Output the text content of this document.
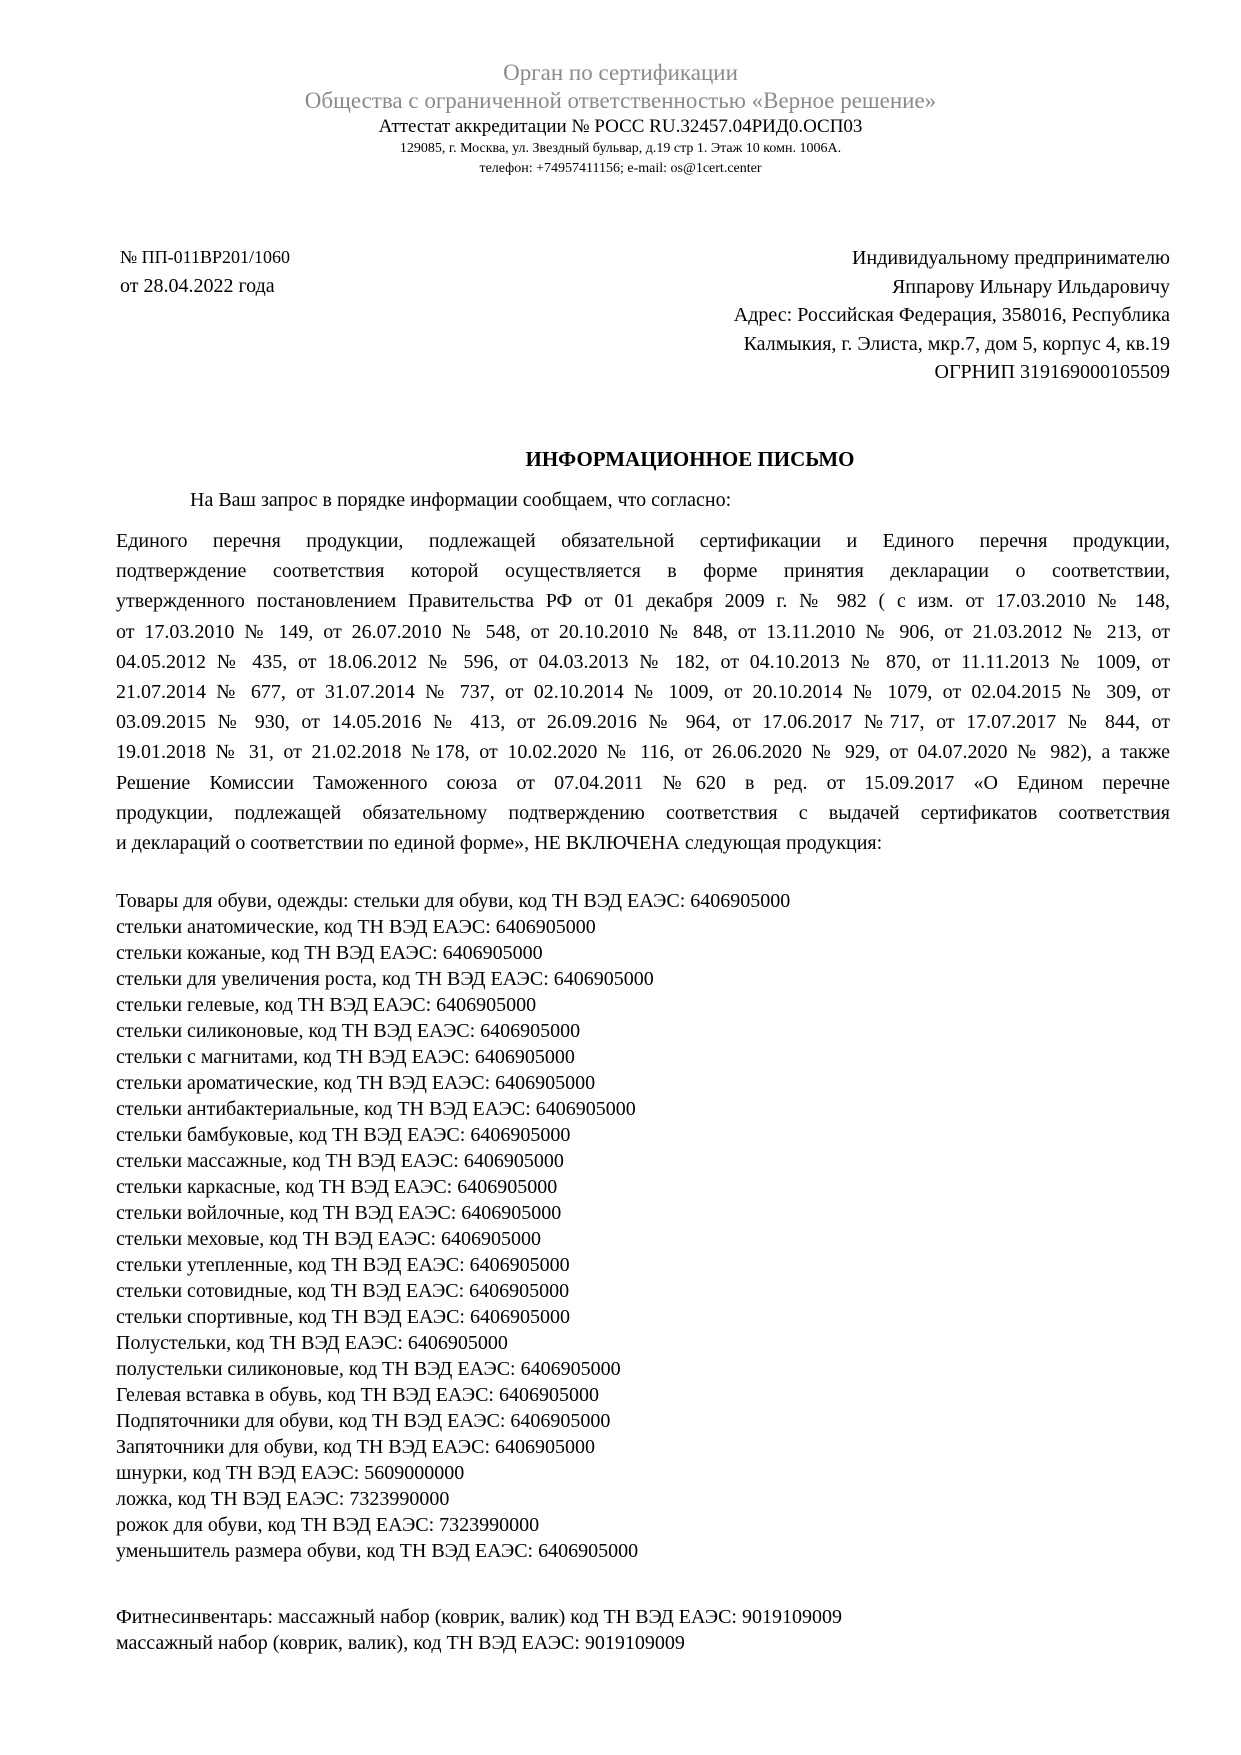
Орган по сертификации
Общества с ограниченной ответственностью «Верное решение»
Аттестат аккредитации № РОСС RU.32457.04РИД0.ОСП03
129085, г. Москва, ул. Звездный бульвар, д.19 стр 1. Этаж 10 комн. 1006А.
телефон: +74957411156; e-mail: os@1cert.center
№ ПП-011ВР201/1060
от 28.04.2022 года
Индивидуальному предпринимателю
Яппарову Ильнару Ильдаровичу
Адрес: Российская Федерация, 358016, Республика
Калмыкия, г. Элиста, мкр.7, дом 5, корпус 4, кв.19
ОГРНИП 319169000105509
ИНФОРМАЦИОННОЕ ПИСЬМО
На Ваш запрос в порядке информации сообщаем, что согласно:
Единого перечня продукции, подлежащей обязательной сертификации и Единого перечня продукции,
подтверждение соответствия которой осуществляется в форме принятия декларации о соответствии,
утвержденного постановлением Правительства РФ от 01 декабря 2009 г. № 982 ( с изм. от 17.03.2010 № 148,
от 17.03.2010 № 149, от 26.07.2010 № 548, от 20.10.2010 № 848, от 13.11.2010 № 906, от 21.03.2012 № 213, от
04.05.2012 № 435, от 18.06.2012 № 596, от 04.03.2013 № 182, от 04.10.2013 № 870, от 11.11.2013 № 1009, от
21.07.2014 № 677, от 31.07.2014 № 737, от 02.10.2014 № 1009, от 20.10.2014 № 1079, от 02.04.2015 № 309, от
03.09.2015 № 930, от 14.05.2016 № 413, от 26.09.2016 № 964, от 17.06.2017 №717, от 17.07.2017 № 844, от
19.01.2018 № 31, от 21.02.2018 №178, от 10.02.2020 № 116, от 26.06.2020 № 929, от 04.07.2020 № 982), а также
Решение Комиссии Таможенного союза от 07.04.2011 №620 в ред. от 15.09.2017 «О Едином перечне
продукции, подлежащей обязательному подтверждению соответствия с выдачей сертификатов соответствия
и деклараций о соответствии по единой форме», НЕ ВКЛЮЧЕНА следующая продукция:
Товары для обуви, одежды: стельки для обуви, код ТН ВЭД ЕАЭС: 6406905000
стельки анатомические, код ТН ВЭД ЕАЭС: 6406905000
стельки кожаные, код ТН ВЭД ЕАЭС: 6406905000
стельки для увеличения роста, код ТН ВЭД ЕАЭС: 6406905000
стельки гелевые, код ТН ВЭД ЕАЭС: 6406905000
стельки силиконовые, код ТН ВЭД ЕАЭС: 6406905000
стельки с магнитами, код ТН ВЭД ЕАЭС: 6406905000
стельки ароматические, код ТН ВЭД ЕАЭС: 6406905000
стельки антибактериальные, код ТН ВЭД ЕАЭС: 6406905000
стельки бамбуковые, код ТН ВЭД ЕАЭС: 6406905000
стельки массажные, код ТН ВЭД ЕАЭС: 6406905000
стельки каркасные, код ТН ВЭД ЕАЭС: 6406905000
стельки войлочные, код ТН ВЭД ЕАЭС: 6406905000
стельки меховые, код ТН ВЭД ЕАЭС: 6406905000
стельки утепленные, код ТН ВЭД ЕАЭС: 6406905000
стельки сотовидные, код ТН ВЭД ЕАЭС: 6406905000
стельки спортивные, код ТН ВЭД ЕАЭС: 6406905000
Полустельки, код ТН ВЭД ЕАЭС: 6406905000
полустельки силиконовые, код ТН ВЭД ЕАЭС: 6406905000
Гелевая вставка в обувь, код ТН ВЭД ЕАЭС: 6406905000
Подпяточники для обуви, код ТН ВЭД ЕАЭС: 6406905000
Запяточники для обуви, код ТН ВЭД ЕАЭС: 6406905000
шнурки, код ТН ВЭД ЕАЭС: 5609000000
ложка, код ТН ВЭД ЕАЭС: 7323990000
рожок для обуви, код ТН ВЭД ЕАЭС: 7323990000
уменьшитель размера обуви, код ТН ВЭД ЕАЭС: 6406905000
Фитнесинвентарь: массажный набор (коврик, валик) код ТН ВЭД ЕАЭС: 9019109009
массажный набор (коврик, валик), код ТН ВЭД ЕАЭС: 9019109009
